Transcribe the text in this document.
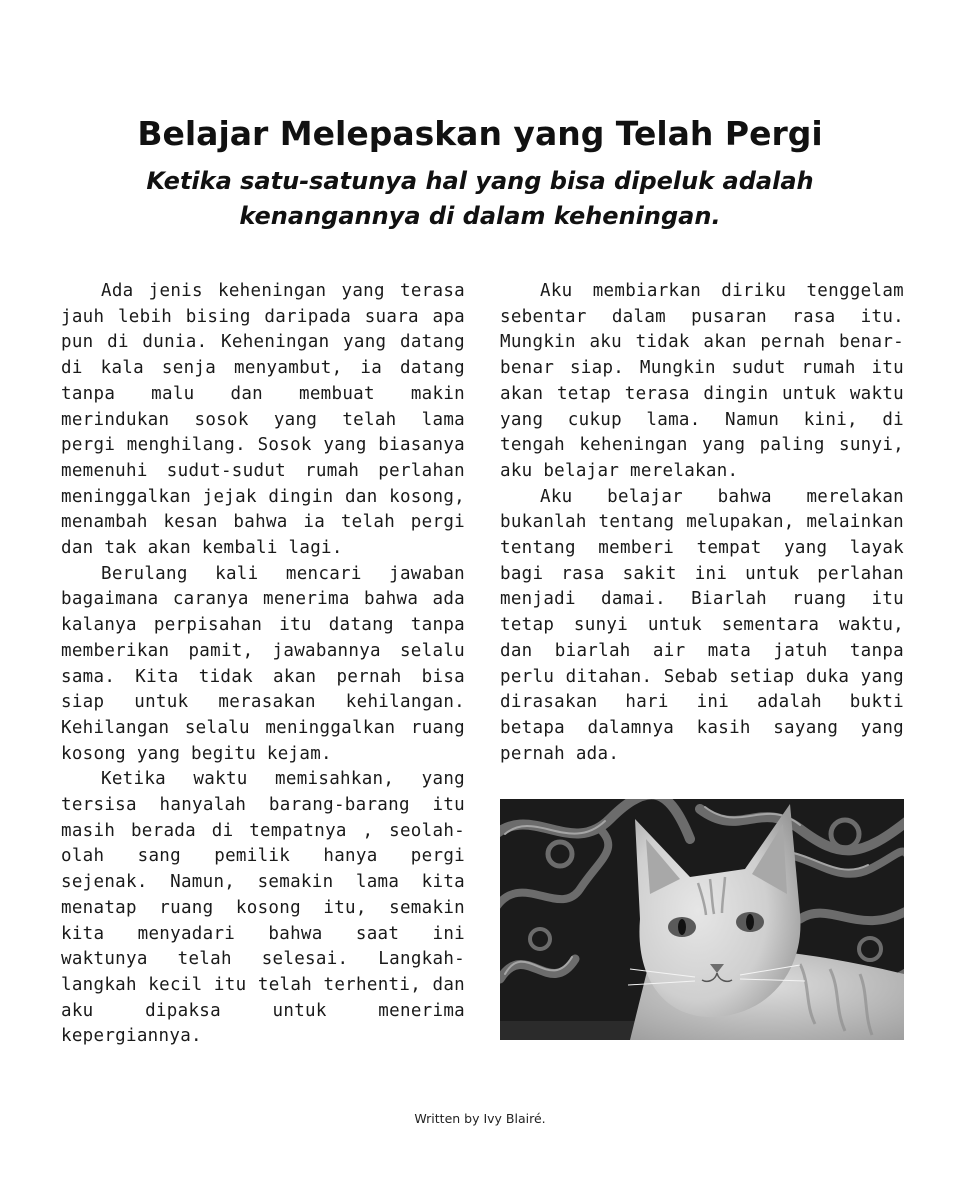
Belajar Melepaskan yang Telah Pergi
Ketika satu-satunya hal yang bisa dipeluk adalah kenangannya di dalam keheningan.

Ada jenis keheningan yang terasa jauh lebih bising daripada suara apa pun di dunia. Keheningan yang datang di kala senja menyambut, ia datang tanpa malu dan membuat makin merindukan sosok yang telah lama pergi menghilang. Sosok yang biasanya memenuhi sudut-sudut rumah perlahan meninggalkan jejak dingin dan kosong, menambah kesan bahwa ia telah pergi dan tak akan kembali lagi.

Berulang kali mencari jawaban bagaimana caranya menerima bahwa ada kalanya perpisahan itu datang tanpa memberikan pamit, jawabannya selalu sama. Kita tidak akan pernah bisa siap untuk merasakan kehilangan. Kehilangan selalu meninggalkan ruang kosong yang begitu kejam.

Ketika waktu memisahkan, yang tersisa hanyalah barang-barang itu masih berada di tempatnya , seolah-olah sang pemilik hanya pergi sejenak. Namun, semakin lama kita menatap ruang kosong itu, semakin kita menyadari bahwa saat ini waktunya telah selesai. Langkah-langkah kecil itu telah terhenti, dan aku dipaksa untuk menerima kepergiannya.

Aku membiarkan diriku tenggelam sebentar dalam pusaran rasa itu. Mungkin aku tidak akan pernah benar-benar siap. Mungkin sudut rumah itu akan tetap terasa dingin untuk waktu yang cukup lama. Namun kini, di tengah keheningan yang paling sunyi, aku belajar merelakan.

Aku belajar bahwa merelakan bukanlah tentang melupakan, melainkan tentang memberi tempat yang layak bagi rasa sakit ini untuk perlahan menjadi damai. Biarlah ruang itu tetap sunyi untuk sementara waktu, dan biarlah air mata jatuh tanpa perlu ditahan. Sebab setiap duka yang dirasakan hari ini adalah bukti betapa dalamnya kasih sayang yang pernah ada.

Written by Ivy Blairé.
